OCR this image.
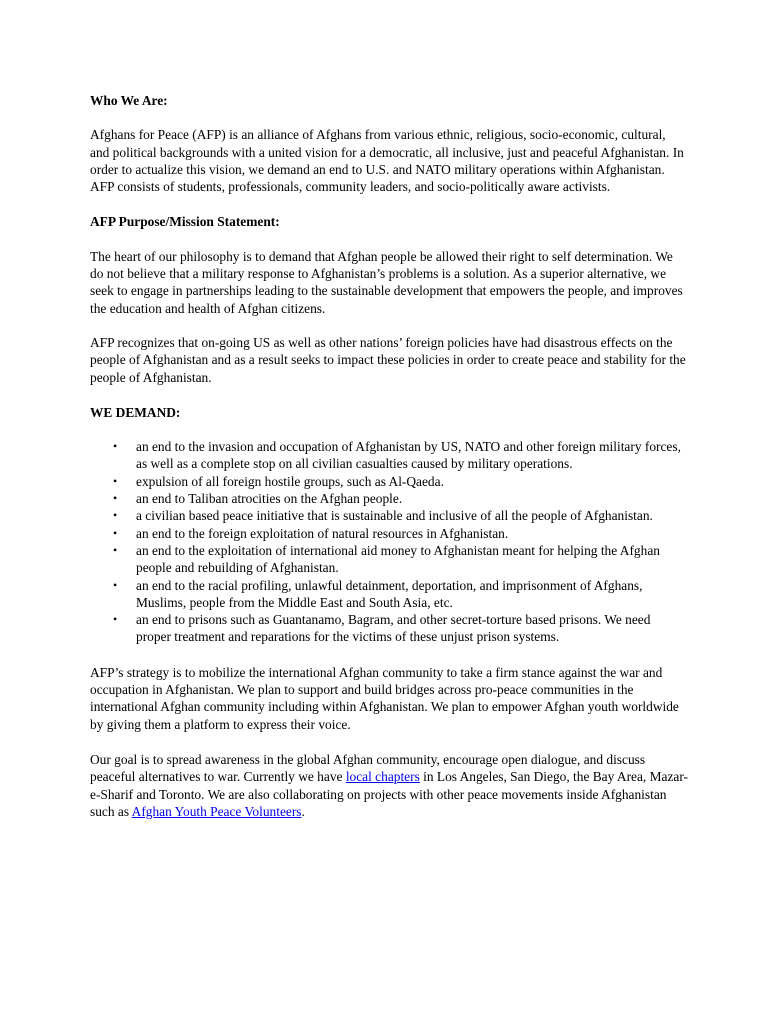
Who We Are:

Afghans for Peace (AFP) is an alliance of Afghans from various ethnic, religious, socio-economic, cultural, and political backgrounds with a united vision for a democratic, all inclusive, just and peaceful Afghanistan. In order to actualize this vision, we demand an end to U.S. and NATO military operations within Afghanistan. AFP consists of students, professionals, community leaders, and socio-politically aware activists.

AFP Purpose/Mission Statement:

The heart of our philosophy is to demand that Afghan people be allowed their right to self determination. We do not believe that a military response to Afghanistan’s problems is a solution. As a superior alternative, we seek to engage in partnerships leading to the sustainable development that empowers the people, and improves the education and health of Afghan citizens.

AFP recognizes that on-going US as well as other nations’ foreign policies have had disastrous effects on the people of Afghanistan and as a result seeks to impact these policies in order to create peace and stability for the people of Afghanistan.

WE DEMAND:
• an end to the invasion and occupation of Afghanistan by US, NATO and other foreign military forces, as well as a complete stop on all civilian casualties caused by military operations.
• expulsion of all foreign hostile groups, such as Al-Qaeda.
• an end to Taliban atrocities on the Afghan people.
• a civilian based peace initiative that is sustainable and inclusive of all the people of Afghanistan.
• an end to the foreign exploitation of natural resources in Afghanistan.
• an end to the exploitation of international aid money to Afghanistan meant for helping the Afghan people and rebuilding of Afghanistan.
• an end to the racial profiling, unlawful detainment, deportation, and imprisonment of Afghans, Muslims, people from the Middle East and South Asia, etc.
• an end to prisons such as Guantanamo, Bagram, and other secret-torture based prisons. We need proper treatment and reparations for the victims of these unjust prison systems.

AFP’s strategy is to mobilize the international Afghan community to take a firm stance against the war and occupation in Afghanistan. We plan to support and build bridges across pro-peace communities in the international Afghan community including within Afghanistan. We plan to empower Afghan youth worldwide by giving them a platform to express their voice.

Our goal is to spread awareness in the global Afghan community, encourage open dialogue, and discuss peaceful alternatives to war. Currently we have local chapters in Los Angeles, San Diego, the Bay Area, Mazar-e-Sharif and Toronto. We are also collaborating on projects with other peace movements inside Afghanistan such as Afghan Youth Peace Volunteers.
